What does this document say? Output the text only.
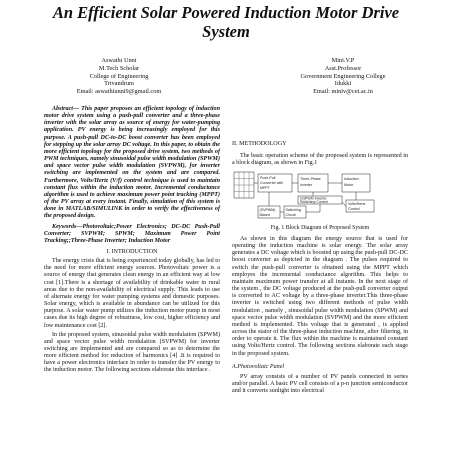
An Efficient Solar Powered Induction Motor Drive
System
Aswathi Unni
M.Tech Scholar
College of Engineering
Trivandrum
Email: aswathiunni9@gmail.com
Mini.V.P
Asst.Professor
Government Engineering College
Idukki
Email: miniv@cet.ac.in

Abstract— This paper proposes an efficient topology of induction motor drive system using a push-pull converter and a three-phase inverter with the solar array as source of energy for water-pumping application. PV energy is being increasingly employed for this purpose. A push-pull DC-to-DC boost converter has been employed for stepping up the solar array DC voltage. In this paper, to obtain the more efficient topology for the proposed drive system, two methods of PWM techniques, namely sinusoidal pulse width modulation (SPWM) and space vector pulse width modulation (SVPWM), for inverter switching are implemented on the system and are compared. Furthermore, Volts/Hertz (V/f) control technique is used to maintain constant flux within the induction motor. Incremental conductance algorithm is used to achieve maximum power point tracking (MPPT) of the PV array at every instant. Finally, simulation of this system is done in MATLAB/SIMULINK in order to verify the effectiveness of the proposed design.

Keywords—Photovoltaic;Power Electronics; DC-DC Push-Pull Converter; SVPWM; SPWM; Maximum Power Point Tracking;;Three-Phase Inverter; Induction Motor

I. INTRODUCTION

The energy crisis that is being experienced today globally, has led to the need for more efficient energy sources. Photovoltaic power is a source of energy that generates clean energy in an efficient way at low cost [1].There is a shortage of availability of drinkable water in rural areas due to the non-availability of electrical supply. This leads to use of alternate energy for water pumping systems and domestic purposes. Solar energy, which is available in abundance can be utilized for this purpose. A solar water pump utilizes the induction motor pump in most cases due its high degree of robustness, low cost, higher efficiency and low maintenance cost [2].

In the proposed system, sinusoidal pulse width modulation (SPWM) and space vector pulse width modulation (SVPWM) for inverter switching are implemented and are compared so as to determine the more efficient method for reduction of harmonics [4] .It is required to have a power electronics interface in order to transfer the PV energy to the induction motor. The following sections elaborate this interface .

II. METHODOLOGY

The basic operation scheme of the proposed system is represented in a block diagram, as shown in Fig.1

Push-Pull
Converter with
MPPT
Three-Phase
Inverter
Induction
Motor
(S)PWM Inverter
Switching Control
(SVPWM)
Based
Switching
Circuit
Volts/Hertz
Control
Fig. 1 Block Diagram of Proposed System

As shown in this diagram the energy source that is used for operating the induction machine is solar energy. The solar array generates a DC voltage which is boosted up using the push-pull DC-DC boost converter as depicted in the diagram . The pulses required to switch the push-pull converter is obtained using the MPPT which employes the incremental conductance algorithm. This helps to maintain maximum power transfer at all instants. In the next stage of the system , the DC voltage produced at the push-pull converter output is converted to AC voltage by a three-phase inverter.This three-phase inverter is switched using two different methods of pulse width modulation , namely , sinusoidal pulse width modulation (SPWM) and space vector pulse width modulation (SVPWM) and the more efficient method is implemented. This voltage that is generated , is applied across the stator of the three-phase induction machine, after filtering, in order to operate it. The flux within the machine is maintained constant using Volts/Hertz control. The following sections elaborate each stage in the proposed system.

A.Photovoltaic Panel

PV array consists of a number of PV panels connected in series and/or parallel. A basic PV cell consists of a p-n junction semiconductor and it converts sunlight into electrical
